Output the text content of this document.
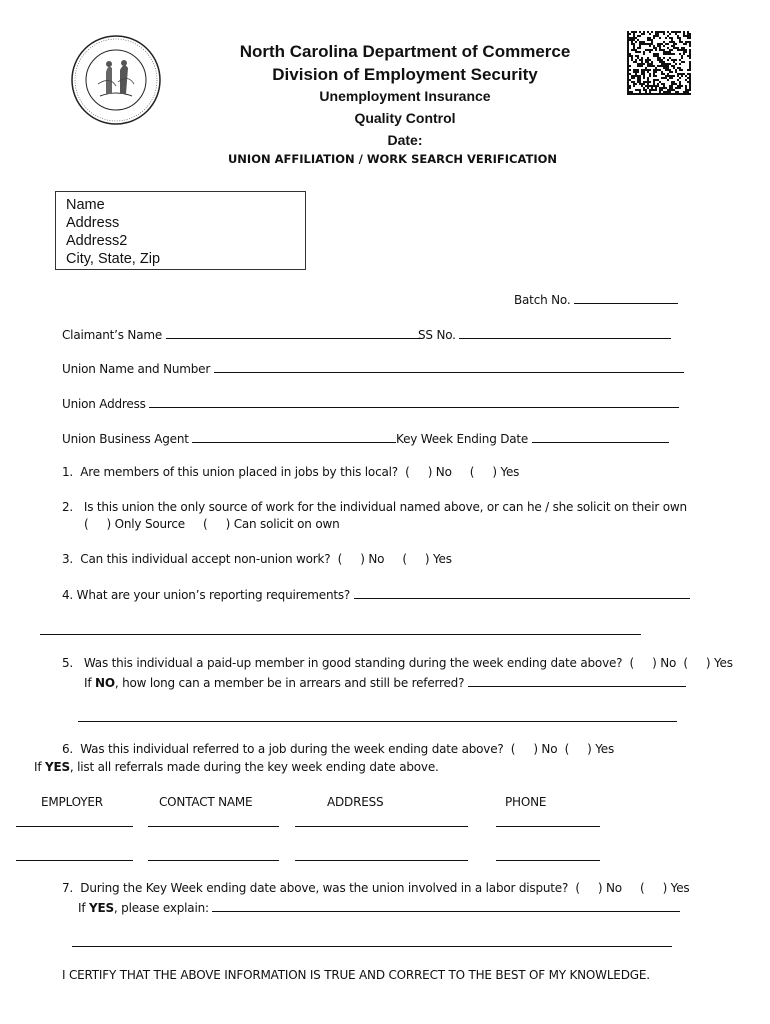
North Carolina Department of Commerce
Division of Employment Security
Unemployment Insurance
Quality Control
Date:
UNION AFFILIATION / WORK SEARCH VERIFICATION
Name
Address
Address2
City, State, Zip
Batch No.
Claimant’s Name	SS No.
Union Name and Number
Union Address
Union Business Agent	Key Week Ending Date
1.  Are members of this union placed in jobs by this local?  (     ) No     (     ) Yes
2.   Is this union the only source of work for the individual named above, or can he / she solicit on their own
(     ) Only Source     (     ) Can solicit on own
3.  Can this individual accept non-union work?  (     ) No     (     ) Yes
4. What are your union’s reporting requirements?
5.   Was this individual a paid-up member in good standing during the week ending date above?  (     ) No  (     ) Yes
If NO, how long can a member be in arrears and still be referred?
6.  Was this individual referred to a job during the week ending date above?  (     ) No  (     ) Yes
If YES, list all referrals made during the key week ending date above.
EMPLOYER	CONTACT NAME	ADDRESS	PHONE
7.  During the Key Week ending date above, was the union involved in a labor dispute?  (     ) No     (     ) Yes
If YES, please explain:
I CERTIFY THAT THE ABOVE INFORMATION IS TRUE AND CORRECT TO THE BEST OF MY KNOWLEDGE.
